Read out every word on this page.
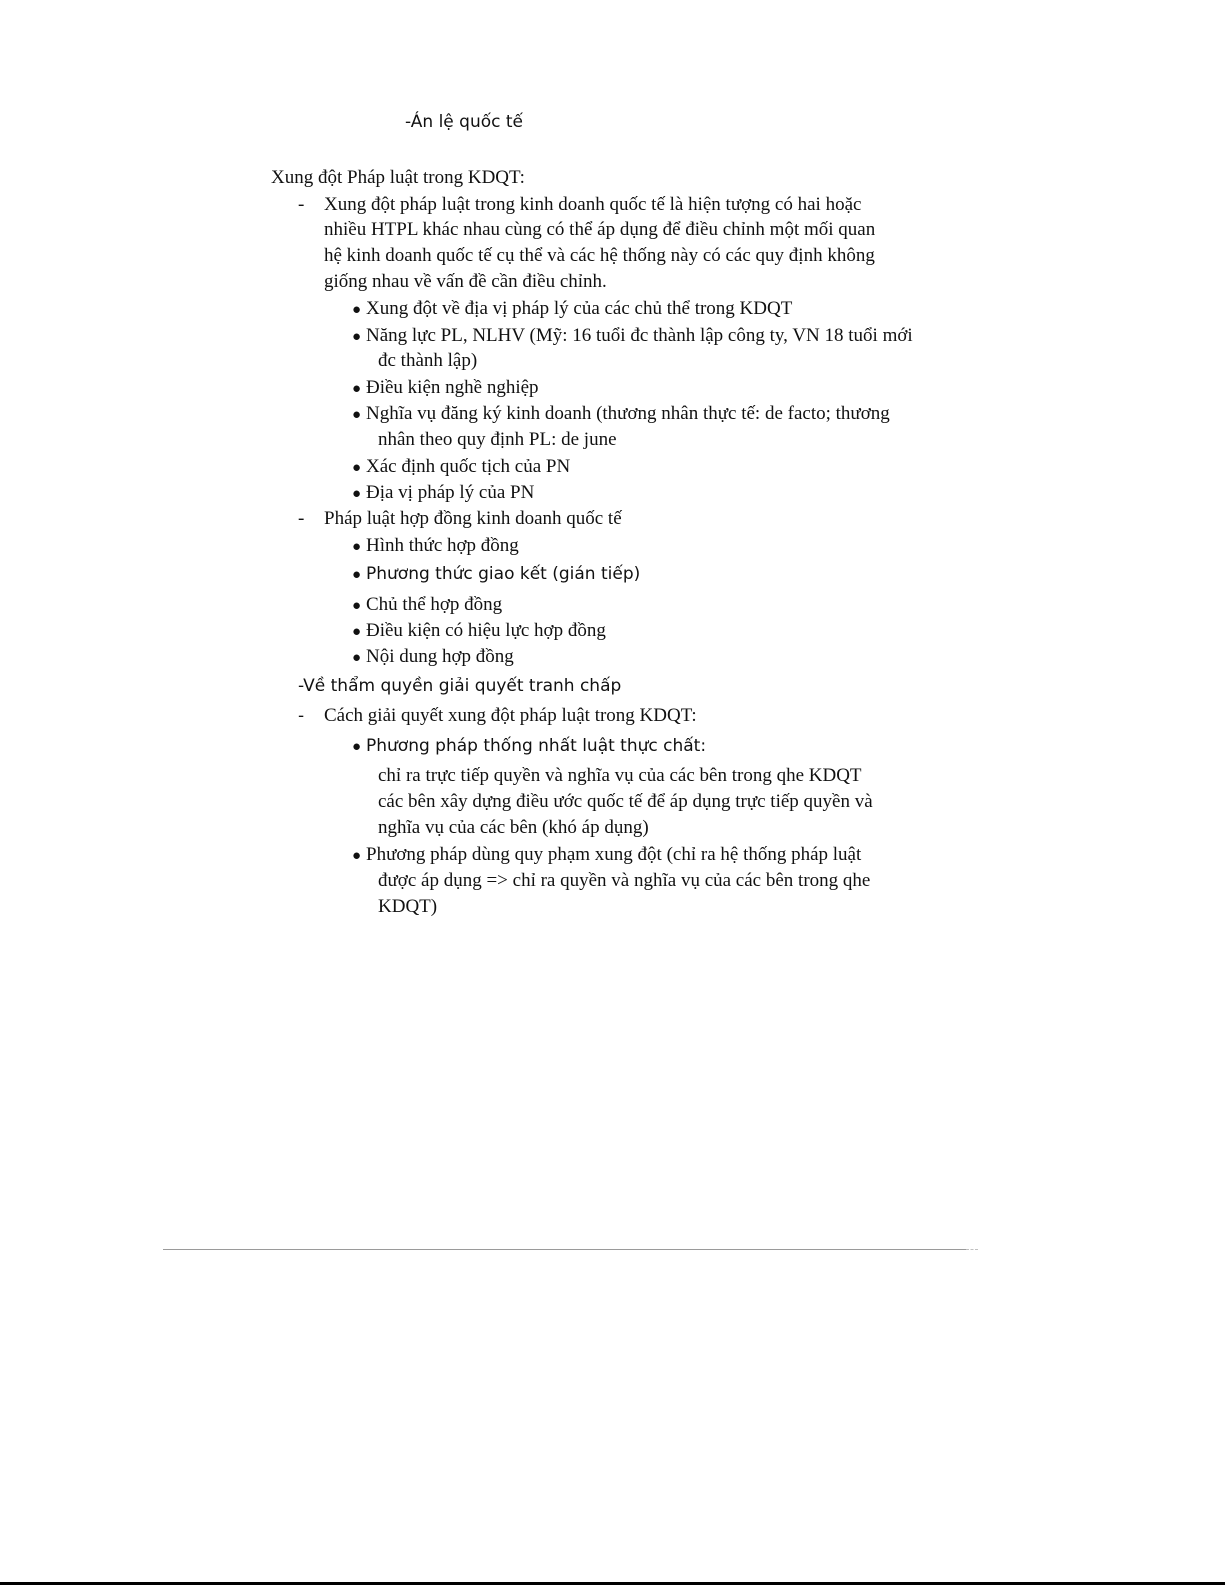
-Án lệ quốc tế
Xung đột Pháp luật trong KDQT:
- Xung đột pháp luật trong kinh doanh quốc tế là hiện tượng có hai hoặc
nhiều HTPL khác nhau cùng có thể áp dụng để điều chỉnh một mối quan
hệ kinh doanh quốc tế cụ thể và các hệ thống này có các quy định không
giống nhau về vấn đề cần điều chỉnh.
● Xung đột về địa vị pháp lý của các chủ thể trong KDQT
● Năng lực PL, NLHV (Mỹ: 16 tuổi đc thành lập công ty, VN 18 tuổi mới
đc thành lập)
● Điều kiện nghề nghiệp
● Nghĩa vụ đăng ký kinh doanh (thương nhân thực tế: de facto; thương
nhân theo quy định PL: de june
● Xác định quốc tịch của PN
● Địa vị pháp lý của PN
- Pháp luật hợp đồng kinh doanh quốc tế
● Hình thức hợp đồng
● Phương thức giao kết (gián tiếp)
● Chủ thể hợp đồng
● Điều kiện có hiệu lực hợp đồng
● Nội dung hợp đồng
-Về thẩm quyền giải quyết tranh chấp
- Cách giải quyết xung đột pháp luật trong KDQT:
● Phương pháp thống nhất luật thực chất:
chỉ ra trực tiếp quyền và nghĩa vụ của các bên trong qhe KDQT
các bên xây dựng điều ước quốc tế để áp dụng trực tiếp quyền và
nghĩa vụ của các bên (khó áp dụng)
● Phương pháp dùng quy phạm xung đột (chỉ ra hệ thống pháp luật
được áp dụng => chỉ ra quyền và nghĩa vụ của các bên trong qhe
KDQT)
